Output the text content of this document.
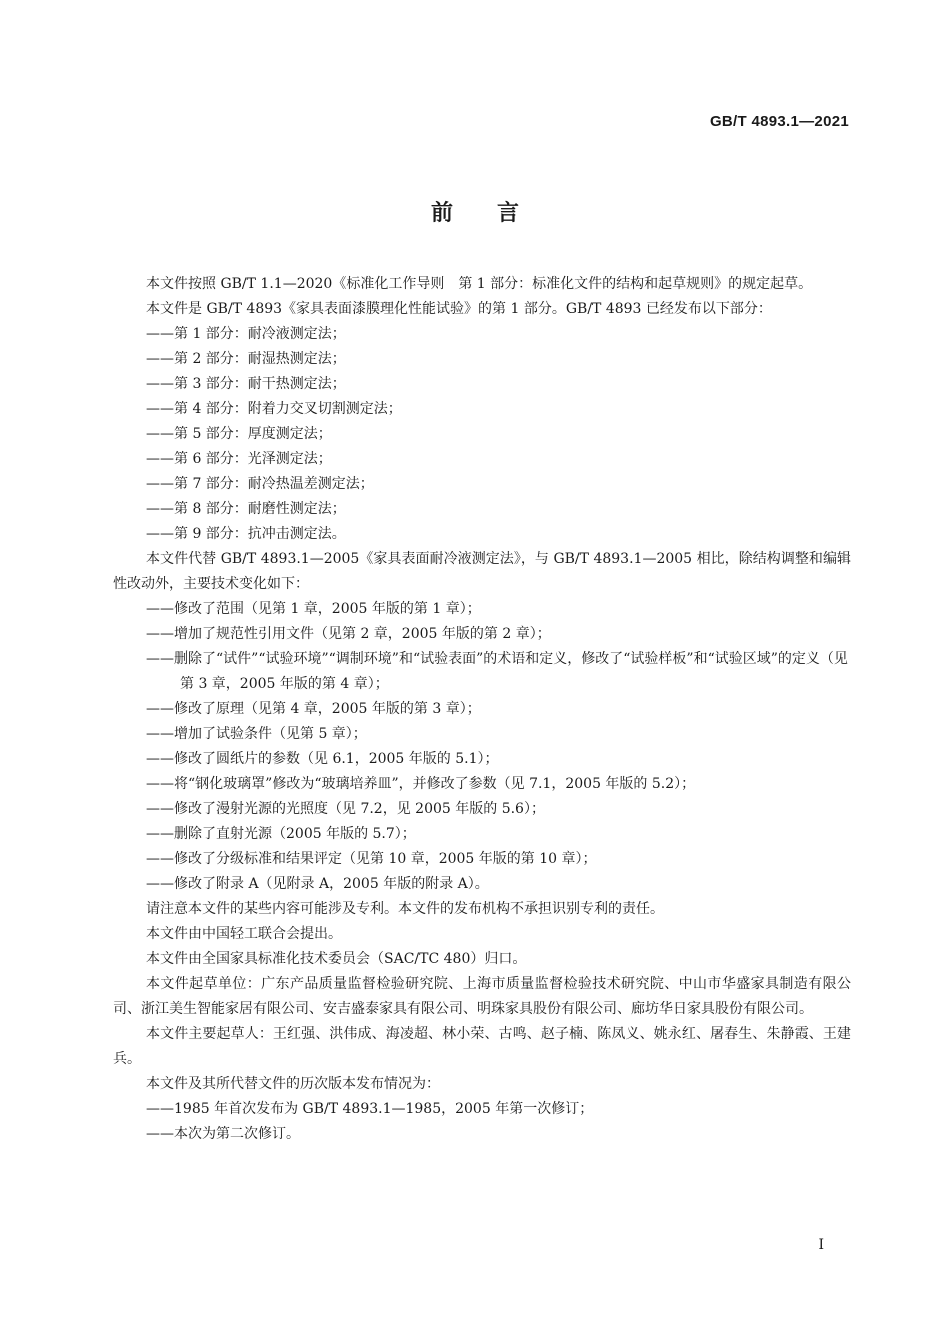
GB/T 4893.1—2021
前　　言

本文件按照 GB/T 1.1—2020《标准化工作导则　第 1 部分：标准化文件的结构和起草规则》的规定起草。

本文件是 GB/T 4893《家具表面漆膜理化性能试验》的第 1 部分。GB/T 4893 已经发布以下部分：

——第 1 部分：耐冷液测定法；

——第 2 部分：耐湿热测定法；

——第 3 部分：耐干热测定法；

——第 4 部分：附着力交叉切割测定法；

——第 5 部分：厚度测定法；

——第 6 部分：光泽测定法；

——第 7 部分：耐冷热温差测定法；

——第 8 部分：耐磨性测定法；

——第 9 部分：抗冲击测定法。

本文件代替 GB/T 4893.1—2005《家具表面耐冷液测定法》，与 GB/T 4893.1—2005 相比，除结构调整和编辑性改动外，主要技术变化如下：

——修改了范围（见第 1 章，2005 年版的第 1 章）；

——增加了规范性引用文件（见第 2 章，2005 年版的第 2 章）；

——删除了“试件”“试验环境”“调制环境”和“试验表面”的术语和定义，修改了“试验样板”和“试验区域”的定义（见第 3 章，2005 年版的第 4 章）；

——修改了原理（见第 4 章，2005 年版的第 3 章）；

——增加了试验条件（见第 5 章）；

——修改了圆纸片的参数（见 6.1，2005 年版的 5.1）；

——将“钢化玻璃罩”修改为“玻璃培养皿”，并修改了参数（见 7.1，2005 年版的 5.2）；

——修改了漫射光源的光照度（见 7.2，见 2005 年版的 5.6）；

——删除了直射光源（2005 年版的 5.7）；

——修改了分级标准和结果评定（见第 10 章，2005 年版的第 10 章）；

——修改了附录 A（见附录 A，2005 年版的附录 A）。

请注意本文件的某些内容可能涉及专利。本文件的发布机构不承担识别专利的责任。

本文件由中国轻工联合会提出。

本文件由全国家具标准化技术委员会（SAC/TC 480）归口。

本文件起草单位：广东产品质量监督检验研究院、上海市质量监督检验技术研究院、中山市华盛家具制造有限公司、浙江美生智能家居有限公司、安吉盛泰家具有限公司、明珠家具股份有限公司、廊坊华日家具股份有限公司。

本文件主要起草人：王红强、洪伟成、海凌超、林小荣、古鸣、赵子楠、陈凤义、姚永红、屠春生、朱静霞、王建兵。

本文件及其所代替文件的历次版本发布情况为：

——1985 年首次发布为 GB/T 4893.1—1985，2005 年第一次修订；

——本次为第二次修订。

I
